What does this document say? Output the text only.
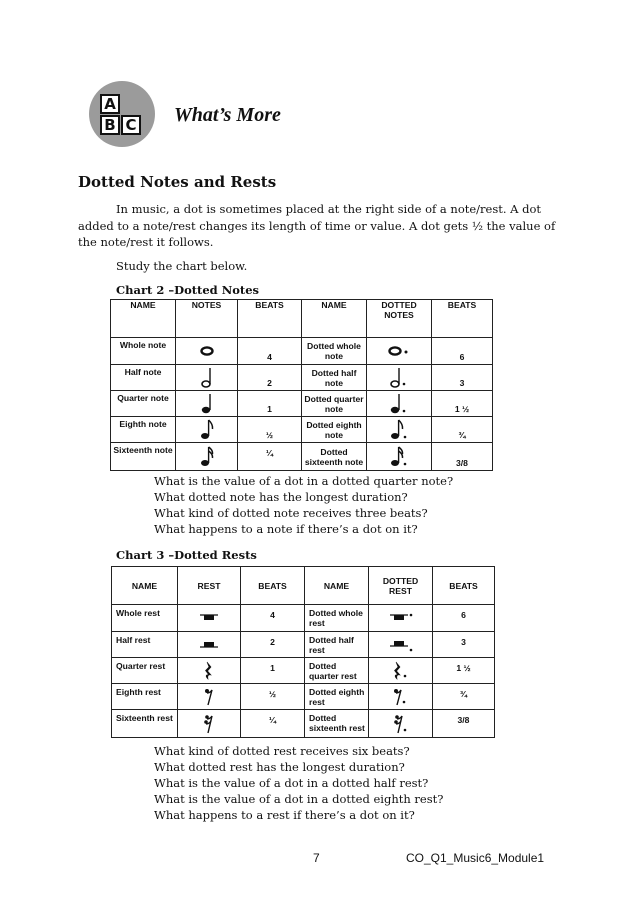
A
B C What’s More
Dotted Notes and Rests

In music, a dot is sometimes placed at the right side of a note/rest. A dot added to a note/rest changes its length of time or value. A dot gets ½ the value of the note/rest it follows.

Study the chart below.

Chart 2 –Dotted Notes
NAME	NOTES	BEATS	NAME	DOTTED NOTES	BEATS
Whole note		4	Dotted whole note		6
Half note		2	Dotted half note		3
Quarter note		1	Dotted quarter note		1 ½
Eighth note		½	Dotted eighth note		¾
Sixteenth note		¼	Dotted sixteenth note		3/8
What is the value of a dot in a dotted quarter note?
What dotted note has the longest duration?
What kind of dotted note receives three beats?
What happens to a note if there’s a dot on it?
Chart 3 –Dotted Rests
NAME	REST	BEATS	NAME	DOTTED REST	BEATS
Whole rest		4	Dotted whole rest		6
Half rest		2	Dotted half rest		3
Quarter rest		1	Dotted quarter rest		1 ½
Eighth rest		½	Dotted eighth rest		¾
Sixteenth rest		¼	Dotted sixteenth rest		3/8
What kind of dotted rest receives six beats?
What dotted rest has the longest duration?
What is the value of a dot in a dotted half rest?
What is the value of a dot in a dotted eighth rest?
What happens to a rest if there’s a dot on it?
7	CO_Q1_Music6_Module1
